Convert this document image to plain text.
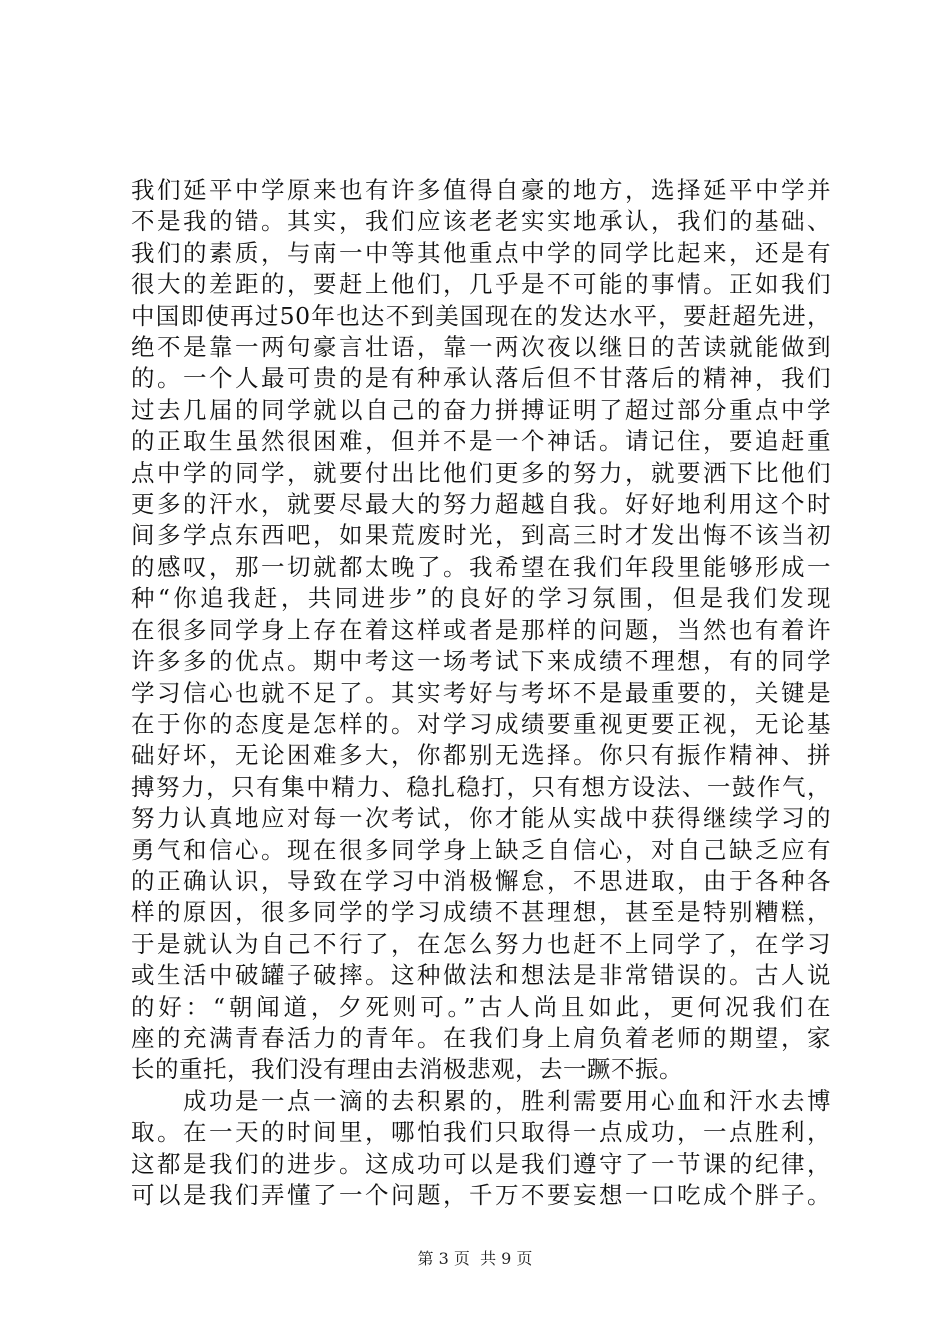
我们延平中学原来也有许多值得自豪的地方，选择延平中学并
不是我的错。其实，我们应该老老实实地承认，我们的基础、
我们的素质，与南一中等其他重点中学的同学比起来，还是有
很大的差距的，要赶上他们，几乎是不可能的事情。正如我们
中国即使再过50年也达不到美国现在的发达水平，要赶超先进，
绝不是靠一两句豪言壮语，靠一两次夜以继日的苦读就能做到
的。一个人最可贵的是有种承认落后但不甘落后的精神，我们
过去几届的同学就以自己的奋力拼搏证明了超过部分重点中学
的正取生虽然很困难，但并不是一个神话。请记住，要追赶重
点中学的同学，就要付出比他们更多的努力，就要洒下比他们
更多的汗水，就要尽最大的努力超越自我。好好地利用这个时
间多学点东西吧，如果荒废时光，到高三时才发出悔不该当初
的感叹，那一切就都太晚了。我希望在我们年段里能够形成一
种“你追我赶，共同进步”的良好的学习氛围，但是我们发现
在很多同学身上存在着这样或者是那样的问题，当然也有着许
许多多的优点。期中考这一场考试下来成绩不理想，有的同学
学习信心也就不足了。其实考好与考坏不是最重要的，关键是
在于你的态度是怎样的。对学习成绩要重视更要正视，无论基
础好坏，无论困难多大，你都别无选择。你只有振作精神、拼
搏努力，只有集中精力、稳扎稳打，只有想方设法、一鼓作气，
努力认真地应对每一次考试，你才能从实战中获得继续学习的
勇气和信心。现在很多同学身上缺乏自信心，对自己缺乏应有
的正确认识，导致在学习中消极懈怠，不思进取，由于各种各
样的原因，很多同学的学习成绩不甚理想，甚至是特别糟糕，
于是就认为自己不行了，在怎么努力也赶不上同学了，在学习
或生活中破罐子破摔。这种做法和想法是非常错误的。古人说
的好：“朝闻道，夕死则可。”古人尚且如此，更何况我们在
座的充满青春活力的青年。在我们身上肩负着老师的期望，家
长的重托，我们没有理由去消极悲观，去一蹶不振。
成功是一点一滴的去积累的，胜利需要用心血和汗水去博
取。在一天的时间里，哪怕我们只取得一点成功，一点胜利，
这都是我们的进步。这成功可以是我们遵守了一节课的纪律，
可以是我们弄懂了一个问题，千万不要妄想一口吃成个胖子。
第 3 页  共 9 页
